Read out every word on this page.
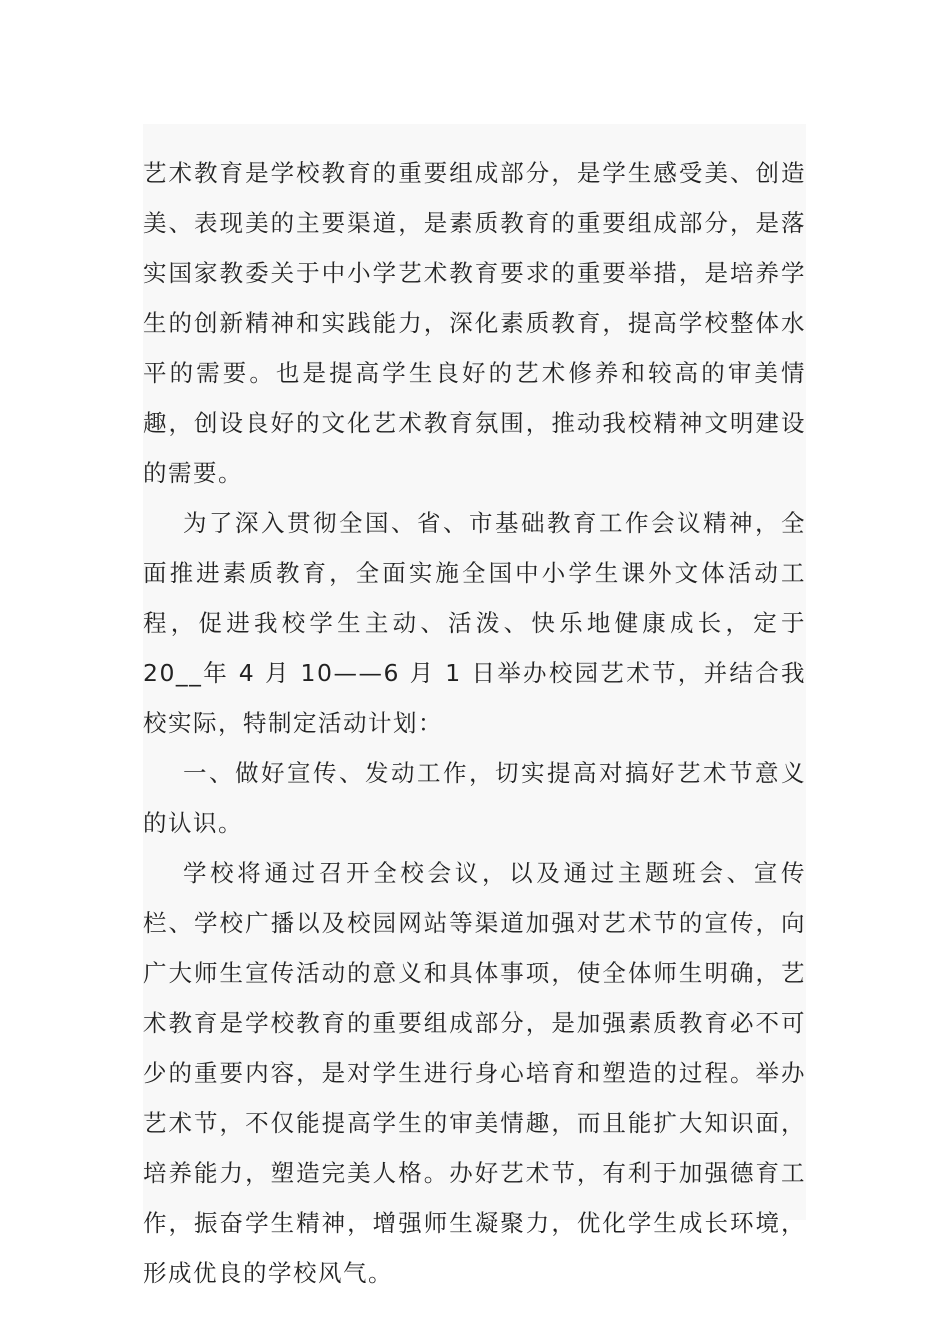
艺术教育是学校教育的重要组成部分，是学生感受美、创造美、表现美的主要渠道，是素质教育的重要组成部分，是落实国家教委关于中小学艺术教育要求的重要举措，是培养学生的创新精神和实践能力，深化素质教育，提高学校整体水平的需要。也是提高学生良好的艺术修养和较高的审美情趣，创设良好的文化艺术教育氛围，推动我校精神文明建设的需要。

为了深入贯彻全国、省、市基础教育工作会议精神，全面推进素质教育，全面实施全国中小学生课外文体活动工程，促进我校学生主动、活泼、快乐地健康成长，定于 20__年 4 月 10——6 月 1 日举办校园艺术节，并结合我校实际，特制定活动计划：

一、做好宣传、发动工作，切实提高对搞好艺术节意义的认识。

学校将通过召开全校会议，以及通过主题班会、宣传栏、学校广播以及校园网站等渠道加强对艺术节的宣传，向广大师生宣传活动的意义和具体事项，使全体师生明确，艺术教育是学校教育的重要组成部分，是加强素质教育必不可少的重要内容，是对学生进行身心培育和塑造的过程。举办艺术节，不仅能提高学生的审美情趣，而且能扩大知识面，培养能力，塑造完美人格。办好艺术节，有利于加强德育工作，振奋学生精神，增强师生凝聚力，优化学生成长环境，形成优良的学校风气。
